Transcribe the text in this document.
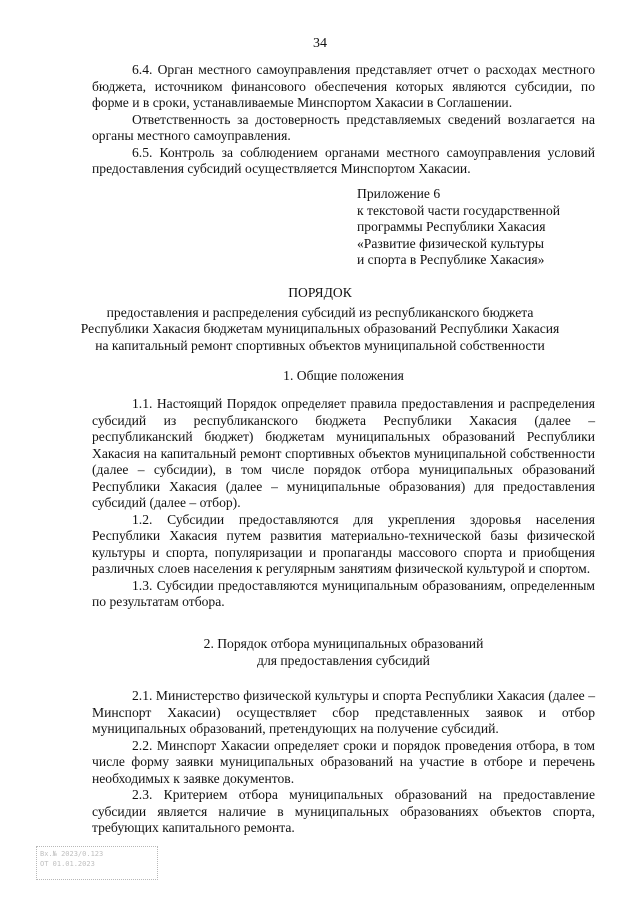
34

6.4. Орган местного самоуправления представляет отчет о расходах местного бюджета, источником финансового обеспечения которых являются субсидии, по форме и в сроки, устанавливаемые Минспортом Хакасии в Соглашении.

Ответственность за достоверность представляемых сведений возлагается на органы местного самоуправления.

6.5. Контроль за соблюдением органами местного самоуправления условий предоставления субсидий осуществляется Минспортом Хакасии.

Приложение 6
к текстовой части государственной
программы Республики Хакасия
«Развитие физической культуры
и спорта в Республике Хакасия»
ПОРЯДОК
предоставления и распределения субсидий из республиканского бюджета
Республики Хакасия бюджетам муниципальных образований Республики Хакасия
на капитальный ремонт спортивных объектов муниципальной собственности
1. Общие положения

1.1. Настоящий Порядок определяет правила предоставления и распределения субсидий из республиканского бюджета Республики Хакасия (далее – республиканский бюджет) бюджетам муниципальных образований Республики Хакасия на капитальный ремонт спортивных объектов муниципальной собственности (далее – субсидии), в том числе порядок отбора муниципальных образований Республики Хакасия (далее – муниципальные образования) для предоставления субсидий (далее – отбор).

1.2. Субсидии предоставляются для укрепления здоровья населения Республики Хакасия путем развития материально-технической базы физической культуры и спорта, популяризации и пропаганды массового спорта и приобщения различных слоев населения к регулярным занятиям физической культурой и спортом.

1.3. Субсидии предоставляются муниципальным образованиям, определенным по результатам отбора.

2. Порядок отбора муниципальных образований
для предоставления субсидий

2.1. Министерство физической культуры и спорта Республики Хакасия (далее – Минспорт Хакасии) осуществляет сбор представленных заявок и отбор муниципальных образований, претендующих на получение субсидий.

2.2. Минспорт Хакасии определяет сроки и порядок проведения отбора, в том числе форму заявки муниципальных образований на участие в отборе и перечень необходимых к заявке документов.

2.3. Критерием отбора муниципальных образований на предоставление субсидии является наличие в муниципальных образованиях объектов спорта, требующих капитального ремонта.

Вх.№ 2023/0.123
ОТ 01.01.2023
